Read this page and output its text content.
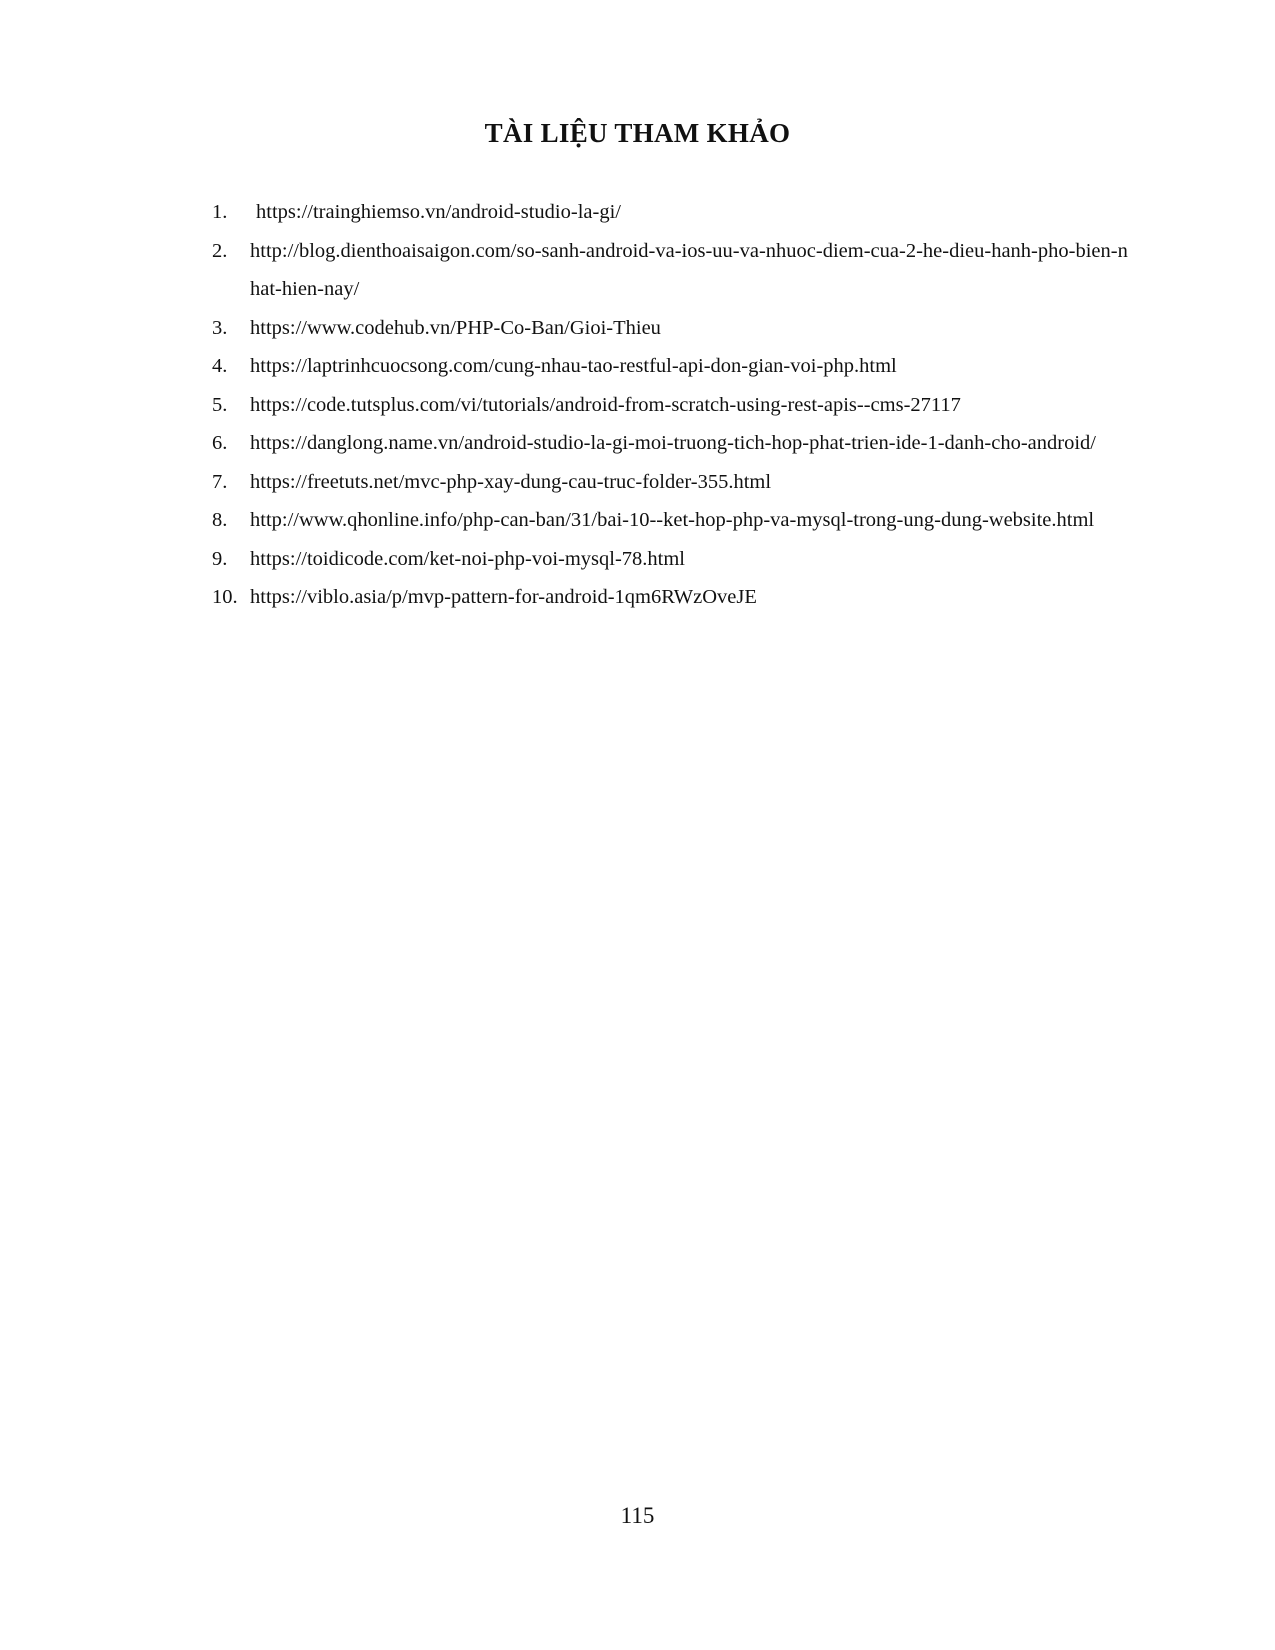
TÀI LIỆU THAM KHẢO
1. https://trainghiemso.vn/android-studio-la-gi/
2. http://blog.dienthoaisaigon.com/so-sanh-android-va-ios-uu-va-nhuoc-diem-cua-2-he-dieu-hanh-pho-bien-nhat-hien-nay/
3. https://www.codehub.vn/PHP-Co-Ban/Gioi-Thieu
4. https://laptrinhcuocsong.com/cung-nhau-tao-restful-api-don-gian-voi-php.html
5. https://code.tutsplus.com/vi/tutorials/android-from-scratch-using-rest-apis--cms-27117
6. https://danglong.name.vn/android-studio-la-gi-moi-truong-tich-hop-phat-trien-ide-1-danh-cho-android/
7. https://freetuts.net/mvc-php-xay-dung-cau-truc-folder-355.html
8. http://www.qhonline.info/php-can-ban/31/bai-10--ket-hop-php-va-mysql-trong-ung-dung-website.html
9. https://toidicode.com/ket-noi-php-voi-mysql-78.html
10. https://viblo.asia/p/mvp-pattern-for-android-1qm6RWzOveJE
115
